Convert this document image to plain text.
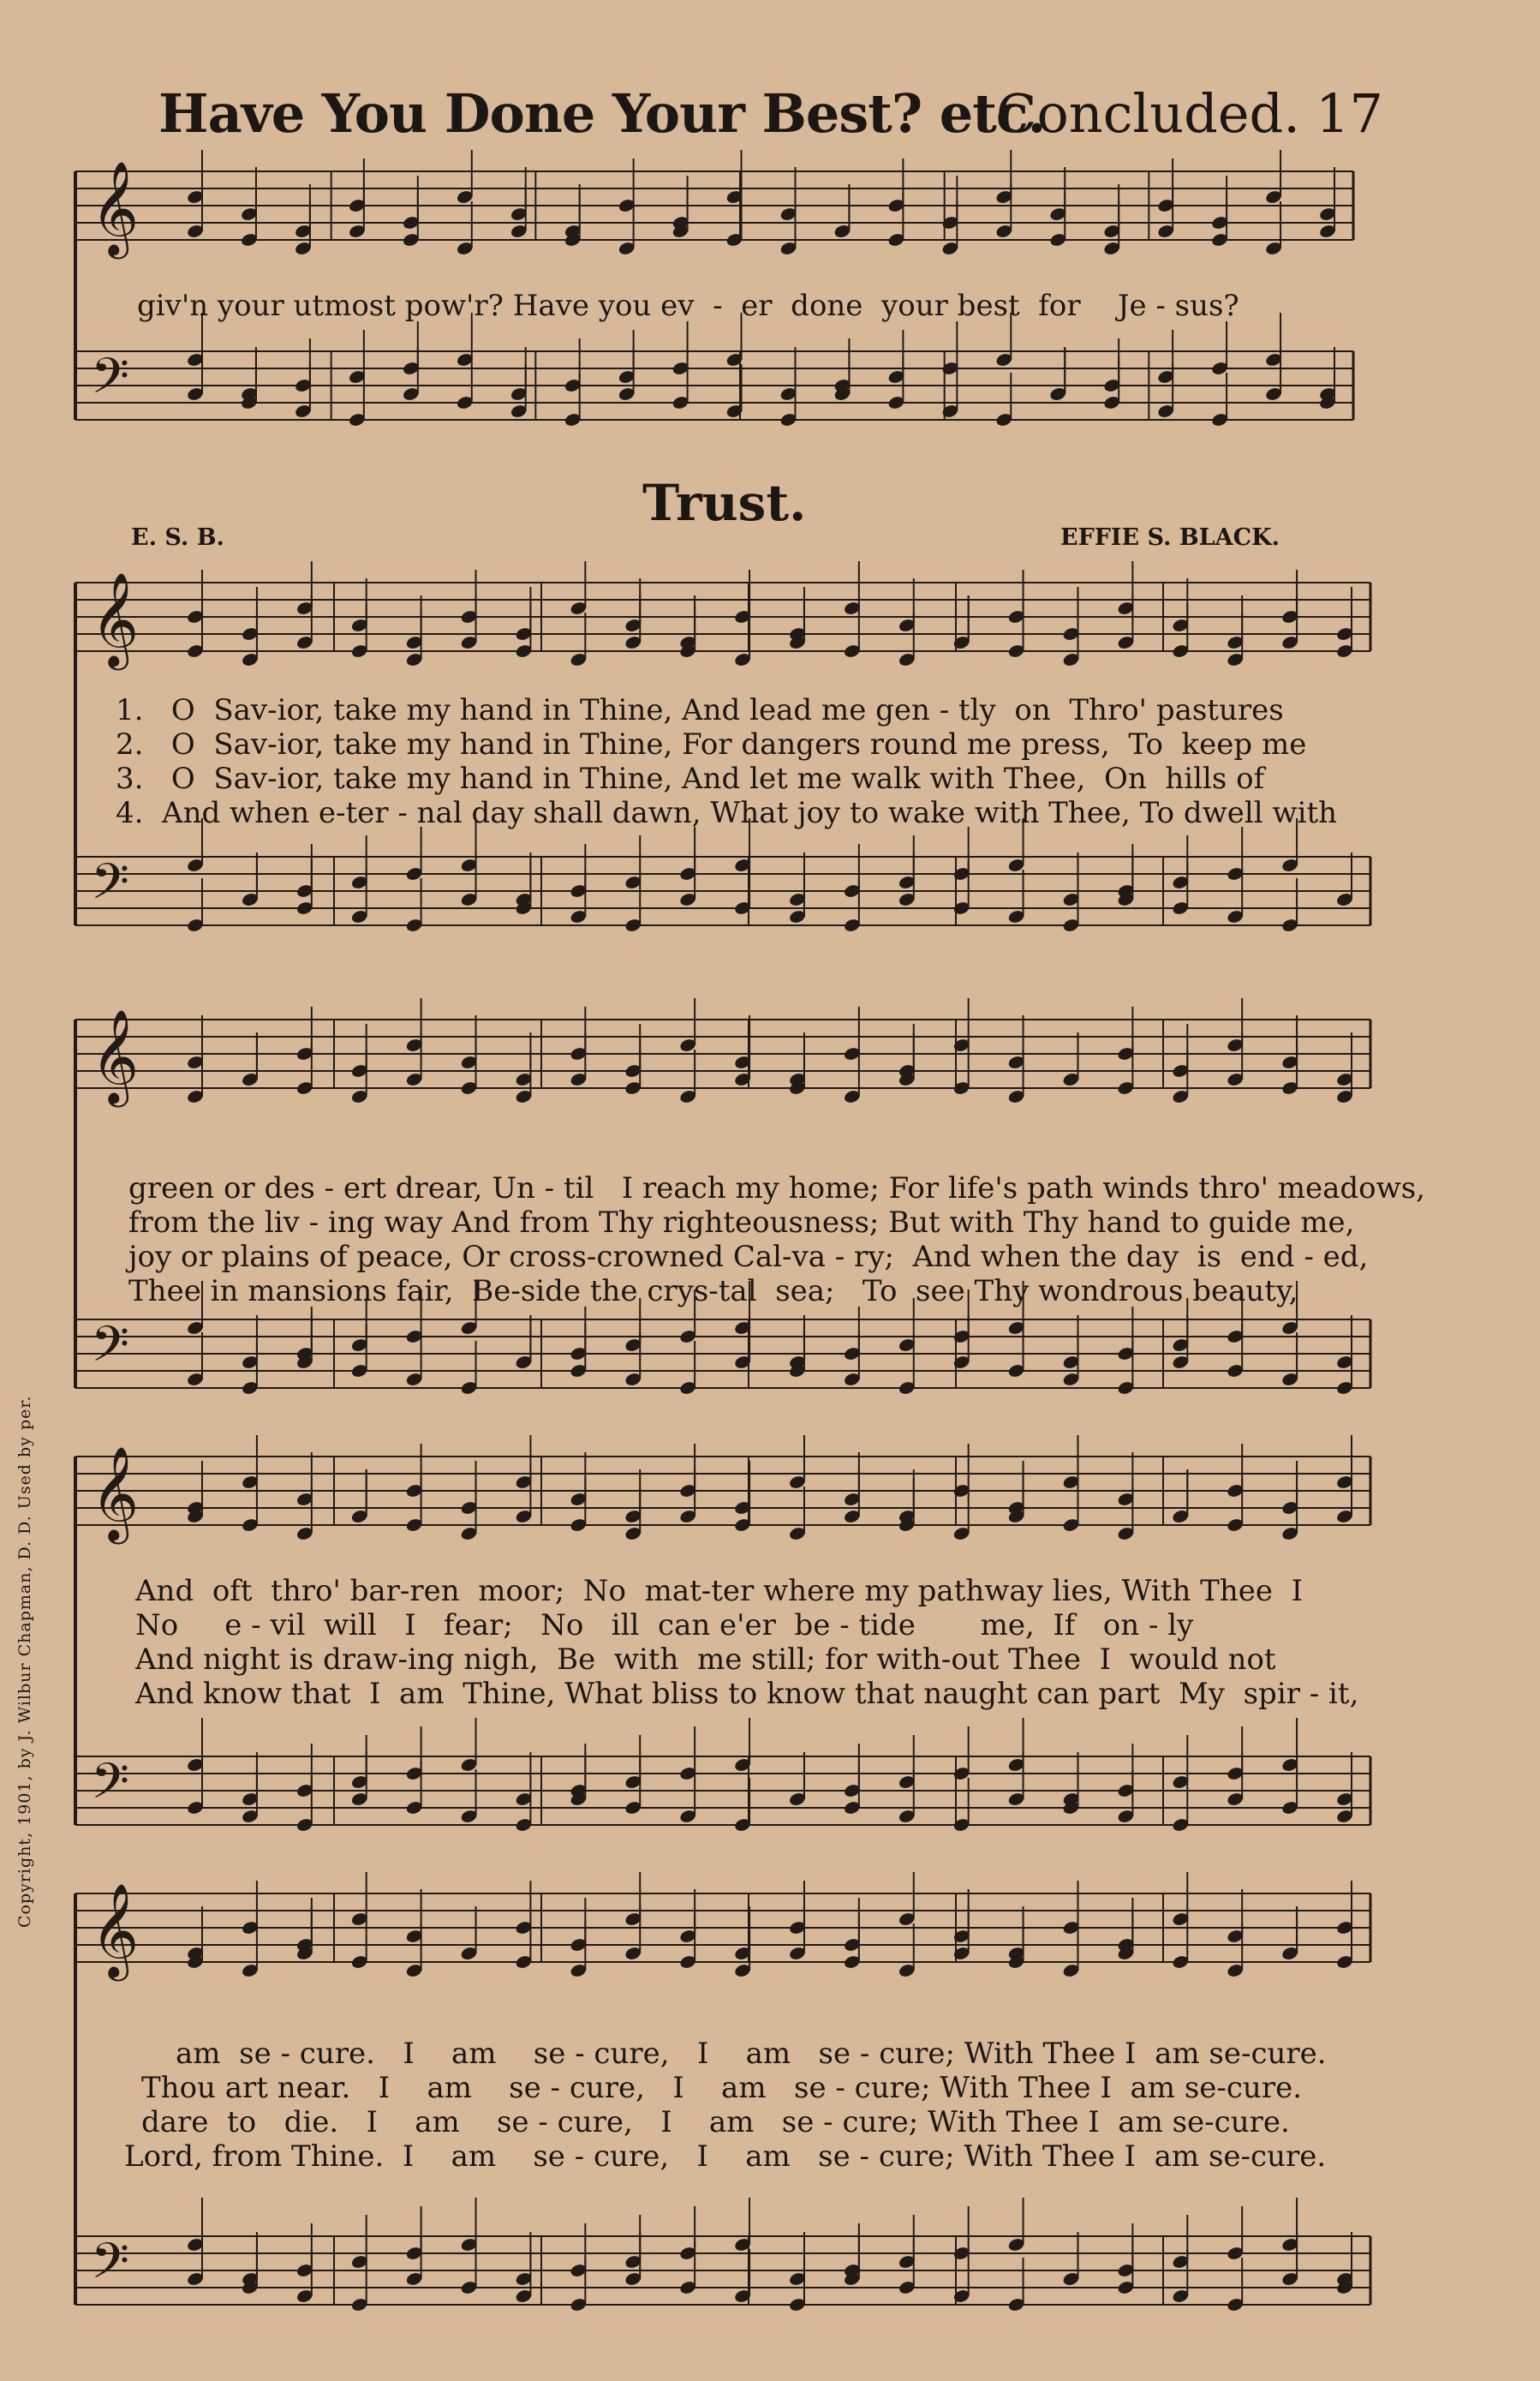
Have You Done Your Best? etc.
Concluded. 17
Copyright, 1901, by J. Wilbur Chapman, D. D. Used by per.
𝄞
𝄢
𝄞
𝄢
𝄞
𝄢
𝄞
𝄢
𝄞
𝄢
Trust.
E. S. B.	EFFIE S. BLACK.
giv'n your utmost pow'r? Have you ev  -  er  done  your best  for    Je - sus?
1.   O  Sav-ior, take my hand in Thine, And lead me gen - tly  on  Thro' pastures
2.   O  Sav-ior, take my hand in Thine, For dangers round me press,  To  keep me
3.   O  Sav-ior, take my hand in Thine, And let me walk with Thee,  On  hills of
4.  And when e-ter - nal day shall dawn, What joy to wake with Thee, To dwell with
green or des - ert drear, Un - til   I reach my home; For life's path winds thro' meadows,
from the liv - ing way And from Thy righteousness; But with Thy hand to guide me,
joy or plains of peace, Or cross-crowned Cal-va - ry;  And when the day  is  end - ed,
Thee in mansions fair,  Be-side the crys-tal  sea;   To  see Thy wondrous beauty,
And  oft  thro' bar-ren  moor;  No  mat-ter where my pathway lies, With Thee  I
No     e - vil  will   I   fear;   No   ill  can e'er  be - tide       me,  If   on - ly
And night is draw-ing nigh,  Be  with  me still; for with-out Thee  I  would not
And know that  I  am  Thine, What bliss to know that naught can part  My  spir - it,
am  se - cure.   I    am    se - cure,   I    am   se - cure; With Thee I  am se-cure.
Thou art near.   I    am    se - cure,   I    am   se - cure; With Thee I  am se-cure.
dare  to   die.   I    am    se - cure,   I    am   se - cure; With Thee I  am se-cure.
Lord, from Thine.  I    am    se - cure,   I    am   se - cure; With Thee I  am se-cure.
